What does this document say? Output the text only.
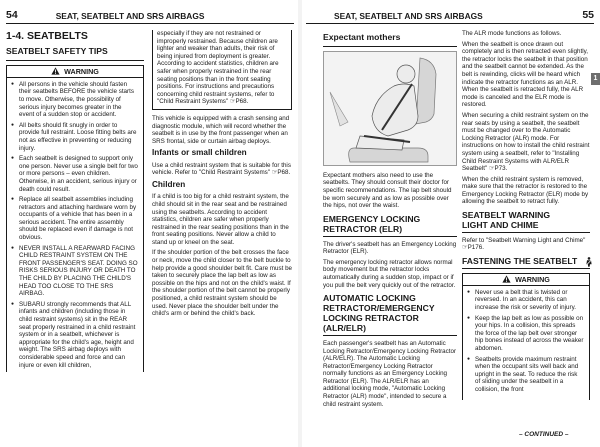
54	SEAT, SEATBELT AND SRS AIRBAGS
1-4. SEATBELTS
SEATBELT SAFETY TIPS
WARNING
● All persons in the vehicle should fasten their seatbelts BEFORE the vehicle starts to move. Otherwise, the possibility of serious injury becomes greater in the event of a sudden stop or accident.
● All belts should fit snugly in order to provide full restraint. Loose fitting belts are not as effective in preventing or reducing injury.
● Each seatbelt is designed to support only one person. Never use a single belt for two or more persons – even children. Otherwise, in an accident, serious injury or death could result.
● Replace all seatbelt assemblies including retractors and attaching hardware worn by occupants of a vehicle that has been in a serious accident. The entire assembly should be replaced even if damage is not obvious.
● NEVER INSTALL A REARWARD FACING CHILD RESTRAINT SYSTEM ON THE FRONT PASSENGER'S SEAT. DOING SO RISKS SERIOUS INJURY OR DEATH TO THE CHILD BY PLACING THE CHILD'S HEAD TOO CLOSE TO THE SRS AIRBAG.
● SUBARU strongly recommends that ALL infants and children (including those in child restraint systems) sit in the REAR seat properly restrained in a child restraint system or in a seatbelt, whichever is appropriate for the child's age, height and weight. The SRS airbag deploys with considerable speed and force and can injure or even kill children,
especially if they are not restrained or improperly restrained. Because children are lighter and weaker than adults, their risk of being injured from deployment is greater. According to accident statistics, children are safer when properly restrained in the rear seating positions than in the front seating positions. For instructions and precautions concerning child restraint systems, refer to "Child Restraint Systems" ☞P68.

This vehicle is equipped with a crash sensing and diagnostic module, which will record whether the seatbelt is in use by the front passenger when an SRS frontal, side or curtain airbag deploys.

Infants or small children

Use a child restraint system that is suitable for this vehicle. Refer to "Child Restraint Systems" ☞P68.

Children

If a child is too big for a child restraint system, the child should sit in the rear seat and be restrained using the seatbelts. According to accident statistics, children are safer when properly restrained in the rear seating positions than in the front seating positions. Never allow a child to stand up or kneel on the seat.

If the shoulder portion of the belt crosses the face or neck, move the child closer to the belt buckle to help provide a good shoulder belt fit. Care must be taken to securely place the lap belt as low as possible on the hips and not on the child's waist. If the shoulder portion of the belt cannot be properly positioned, a child restraint system should be used. Never place the shoulder belt under the child's arm or behind the child's back.

SEAT, SEATBELT AND SRS AIRBAGS	55
1
Expectant mothers

Expectant mothers also need to use the seatbelts. They should consult their doctor for specific recommendations. The lap belt should be worn securely and as low as possible over the hips, not over the waist.

EMERGENCY LOCKING RETRACTOR (ELR)

The driver's seatbelt has an Emergency Locking Retractor (ELR).

The emergency locking retractor allows normal body movement but the retractor locks automatically during a sudden stop, impact or if you pull the belt very quickly out of the retractor.

AUTOMATIC LOCKING RETRACTOR/EMERGENCY LOCKING RETRACTOR (ALR/ELR)

Each passenger's seatbelt has an Automatic Locking Retractor/Emergency Locking Retractor (ALR/ELR). The Automatic Locking Retractor/Emergency Locking Retractor normally functions as an Emergency Locking Retractor (ELR). The ALR/ELR has an additional locking mode, "Automatic Locking Retractor (ALR) mode", intended to secure a child restraint system.

The ALR mode functions as follows.

When the seatbelt is once drawn out completely and is then retracted even slightly, the retractor locks the seatbelt in that position and the seatbelt cannot be extended. As the belt is rewinding, clicks will be heard which indicate the retractor functions as an ALR. When the seatbelt is retracted fully, the ALR mode is canceled and the ELR mode is restored.

When securing a child restraint system on the rear seats by using a seatbelt, the seatbelt must be changed over to the Automatic Locking Retractor (ALR) mode. For instructions on how to install the child restraint system using a seatbelt, refer to "Installing Child Restraint Systems with ALR/ELR Seatbelt" ☞P73.

When the child restraint system is removed, make sure that the retractor is restored to the Emergency Locking Retractor (ELR) mode by allowing the seatbelt to retract fully.

SEATBELT WARNING LIGHT AND CHIME

Refer to "Seatbelt Warning Light and Chime" ☞P176.

FASTENING THE SEATBELT
WARNING
● Never use a belt that is twisted or reversed. In an accident, this can increase the risk or severity of injury.
● Keep the lap belt as low as possible on your hips. In a collision, this spreads the force of the lap belt over stronger hip bones instead of across the weaker abdomen.
● Seatbelts provide maximum restraint when the occupant sits well back and upright in the seat. To reduce the risk of sliding under the seatbelt in a collision, the front
– CONTINUED –
